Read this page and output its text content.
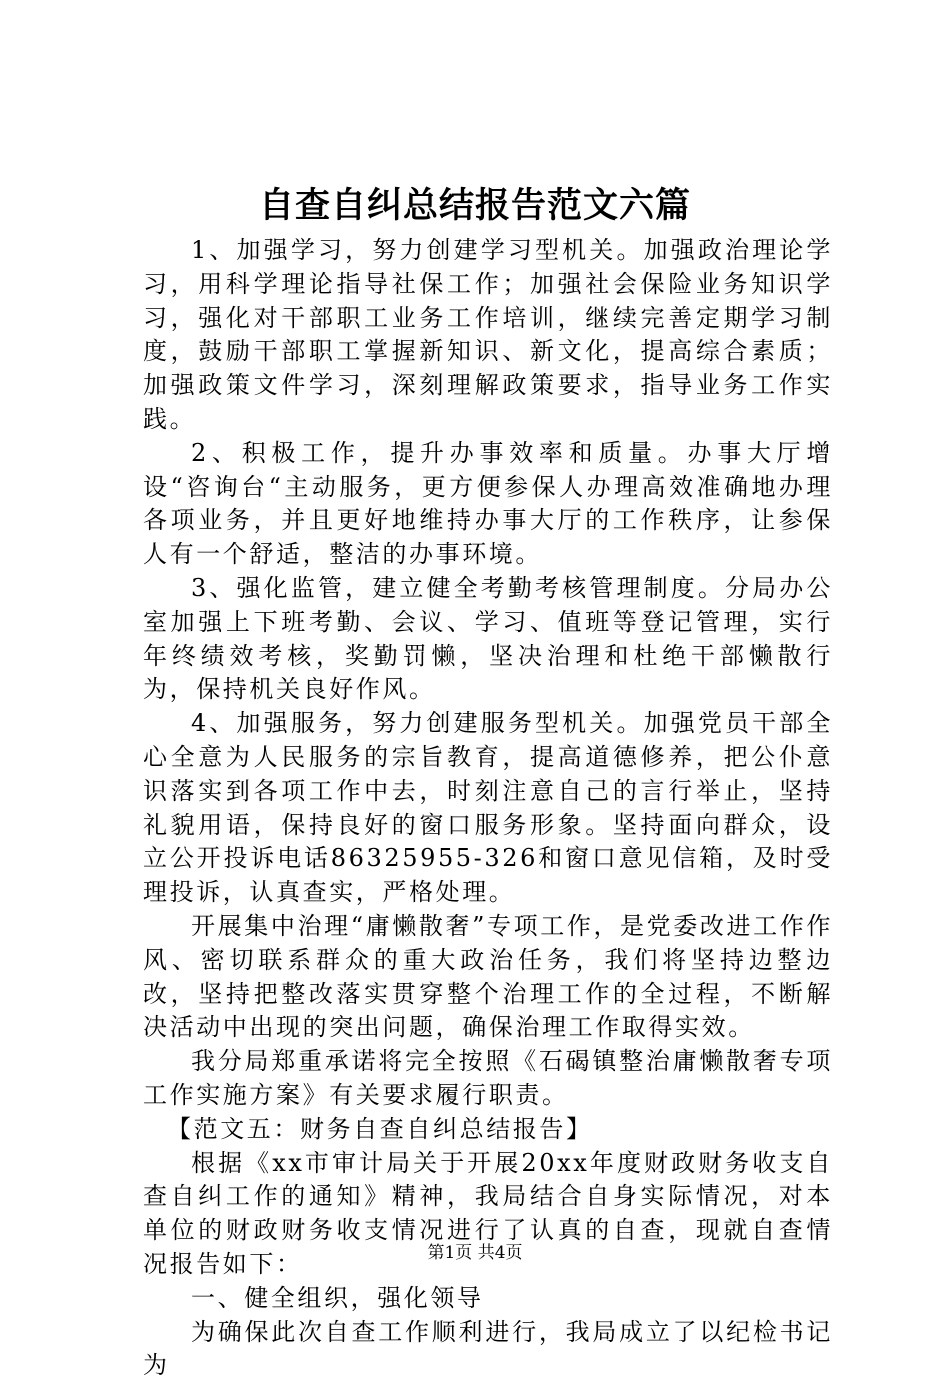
自查自纠总结报告范文六篇

1、加强学习，努力创建学习型机关。加强政治理论学习，用科学理论指导社保工作；加强社会保险业务知识学习，强化对干部职工业务工作培训，继续完善定期学习制度，鼓励干部职工掌握新知识、新文化，提高综合素质；加强政策文件学习，深刻理解政策要求，指导业务工作实践。

2、积极工作，提升办事效率和质量。办事大厅增设“咨询台“主动服务，更方便参保人办理高效准确地办理各项业务，并且更好地维持办事大厅的工作秩序，让参保人有一个舒适，整洁的办事环境。

3、强化监管，建立健全考勤考核管理制度。分局办公室加强上下班考勤、会议、学习、值班等登记管理，实行年终绩效考核，奖勤罚懒，坚决治理和杜绝干部懒散行为，保持机关良好作风。

4、加强服务，努力创建服务型机关。加强党员干部全心全意为人民服务的宗旨教育，提高道德修养，把公仆意识落实到各项工作中去，时刻注意自己的言行举止，坚持礼貌用语，保持良好的窗口服务形象。坚持面向群众，设立公开投诉电话86325955-326和窗口意见信箱，及时受理投诉，认真查实，严格处理。

开展集中治理“庸懒散奢”专项工作，是党委改进工作作风、密切联系群众的重大政治任务，我们将坚持边整边改，坚持把整改落实贯穿整个治理工作的全过程，不断解决活动中出现的突出问题，确保治理工作取得实效。

我分局郑重承诺将完全按照《石碣镇整治庸懒散奢专项工作实施方案》有关要求履行职责。

【范文五：财务自查自纠总结报告】

根据《xx市审计局关于开展20xx年度财政财务收支自查自纠工作的通知》精神，我局结合自身实际情况，对本单位的财政财务收支情况进行了认真的自查，现就自查情况报告如下：

一、健全组织，强化领导

为确保此次自查工作顺利进行，我局成立了以纪检书记为

第1页 共4页
